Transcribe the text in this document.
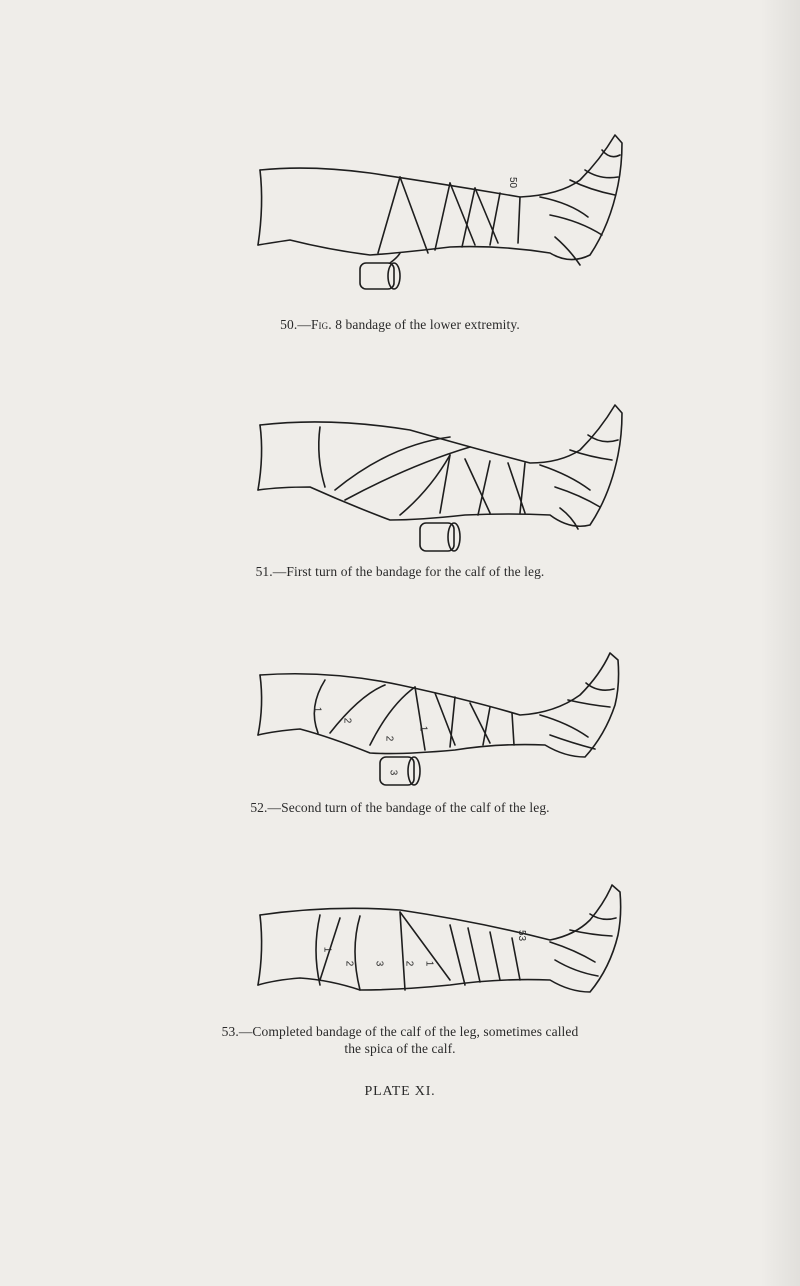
50
50.—Fig. 8 bandage of the lower extremity.
51.—First turn of the bandage for the calf of the leg.
1
2
2
1
3
52.—Second turn of the bandage of the calf of the leg.
53
1
2 3 2 1
53.—Completed bandage of the calf of the leg, sometimes called
the spica of the calf.
PLATE XI.
